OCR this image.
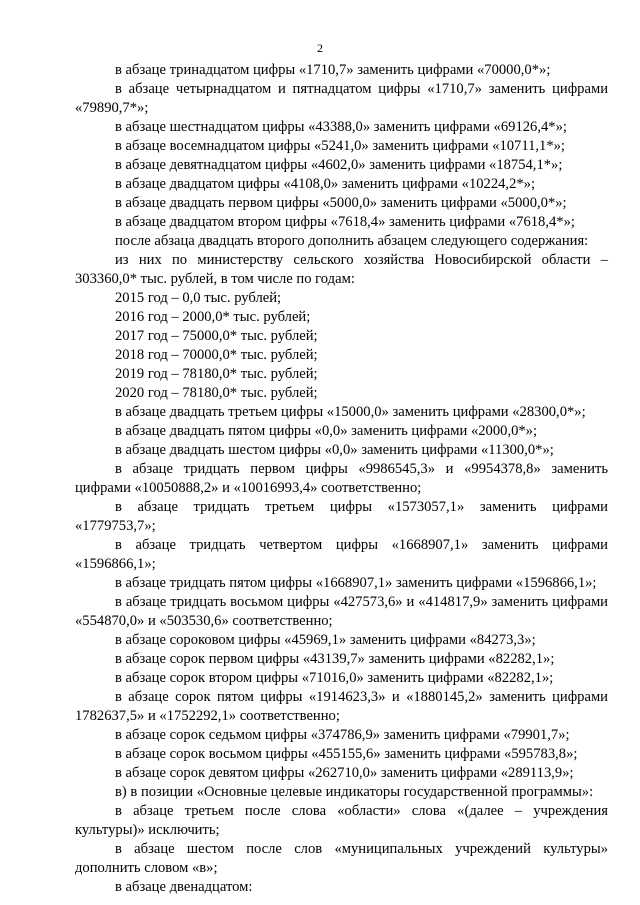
2

в абзаце тринадцатом цифры «1710,7» заменить цифрами «70000,0*»;

в абзаце четырнадцатом и пятнадцатом цифры «1710,7» заменить цифрами «79890,7*»;

в абзаце шестнадцатом цифры «43388,0» заменить цифрами «69126,4*»;

в абзаце восемнадцатом цифры «5241,0» заменить цифрами «10711,1*»;

в абзаце девятнадцатом цифры «4602,0» заменить цифрами «18754,1*»;

в абзаце двадцатом цифры «4108,0» заменить цифрами «10224,2*»;

в абзаце двадцать первом цифры «5000,0» заменить цифрами «5000,0*»;

в абзаце двадцатом втором цифры «7618,4» заменить цифрами «7618,4*»;

после абзаца двадцать второго дополнить абзацем следующего содержания:

из них по министерству сельского хозяйства Новосибирской области – 303360,0* тыс. рублей, в том числе по годам:

2015 год – 0,0 тыс. рублей;

2016 год – 2000,0* тыс. рублей;

2017 год – 75000,0* тыс. рублей;

2018 год – 70000,0* тыс. рублей;

2019 год – 78180,0* тыс. рублей;

2020 год – 78180,0* тыс. рублей;

в абзаце двадцать третьем цифры «15000,0» заменить цифрами «28300,0*»;

в абзаце двадцать пятом цифры «0,0» заменить цифрами «2000,0*»;

в абзаце двадцать шестом цифры «0,0» заменить цифрами «11300,0*»;

в абзаце тридцать первом цифры «9986545,3» и «9954378,8» заменить цифрами «10050888,2» и «10016993,4» соответственно;

в абзаце тридцать третьем цифры «1573057,1» заменить цифрами «1779753,7»;

в абзаце тридцать четвертом цифры «1668907,1» заменить цифрами «1596866,1»;

в абзаце тридцать пятом цифры «1668907,1» заменить цифрами «1596866,1»;

в абзаце тридцать восьмом цифры «427573,6» и «414817,9» заменить цифрами «554870,0» и «503530,6» соответственно;

в абзаце сороковом цифры «45969,1» заменить цифрами «84273,3»;

в абзаце сорок первом цифры «43139,7» заменить цифрами «82282,1»;

в абзаце сорок втором цифры «71016,0» заменить цифрами «82282,1»;

в абзаце сорок пятом цифры «1914623,3» и «1880145,2» заменить цифрами 1782637,5» и «1752292,1» соответственно;

в абзаце сорок седьмом цифры «374786,9» заменить цифрами «79901,7»;

в абзаце сорок восьмом цифры «455155,6» заменить цифрами «595783,8»;

в абзаце сорок девятом цифры «262710,0» заменить цифрами «289113,9»;

в) в позиции «Основные целевые индикаторы государственной программы»:

в абзаце третьем после слова «области» слова «(далее – учреждения культуры)» исключить;

в абзаце шестом после слов «муниципальных учреждений культуры» дополнить словом «в»;

в абзаце двенадцатом:
